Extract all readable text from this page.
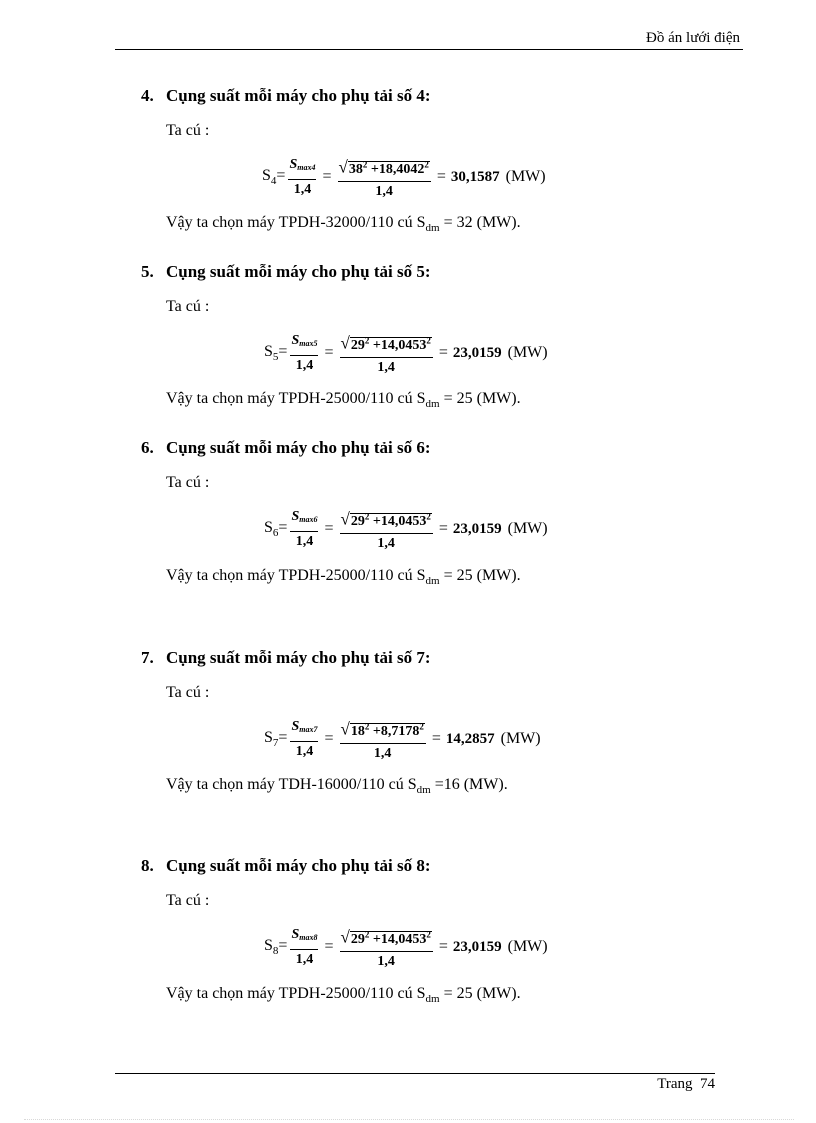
Đồ án lưới điện
4. Cụng suất mỗi máy cho phụ tải số 4:
Ta cú :
$S_4= \frac{Smax4}{1,4} = \frac{√38^2 +18,4042^2}{1,4} = 30,1587$ (MW)
Vậy ta chọn máy TPDH-32000/110 cú $S_{dm} = 32$ (MW).
5. Cụng suất mỗi máy cho phụ tải số 5:
Ta cú :
$S_5= \frac{Smax5}{1,4} = \frac{√29^2 +14,0453^2}{1,4} = 23,0159$ (MW)
Vậy ta chọn máy TPDH-25000/110 cú $S_{dm} = 25$ (MW).
6. Cụng suất mỗi máy cho phụ tải số 6:
Ta cú :
$S_6= \frac{Smax6}{1,4} = \frac{√29^2 +14,0453^2}{1,4} = 23,0159$ (MW)
Vậy ta chọn máy TPDH-25000/110 cú $S_{dm} = 25$ (MW).
7. Cụng suất mỗi máy cho phụ tải số 7:
Ta cú :
$S_7= \frac{Smax7}{1,4} = \frac{√18^2 +8,7178^2}{1,4} = 14,2857$ (MW)
Vậy ta chọn máy TDH-16000/110 cú $S_{dm} =16$ (MW).
8. Cụng suất mỗi máy cho phụ tải số 8:
Ta cú :
$S_8= \frac{Smax8}{1,4} = \frac{√29^2 +14,0453^2}{1,4} = 23,0159$ (MW)
Vậy ta chọn máy TPDH-25000/110 cú $S_{dm} = 25$ (MW).
Trang 74
